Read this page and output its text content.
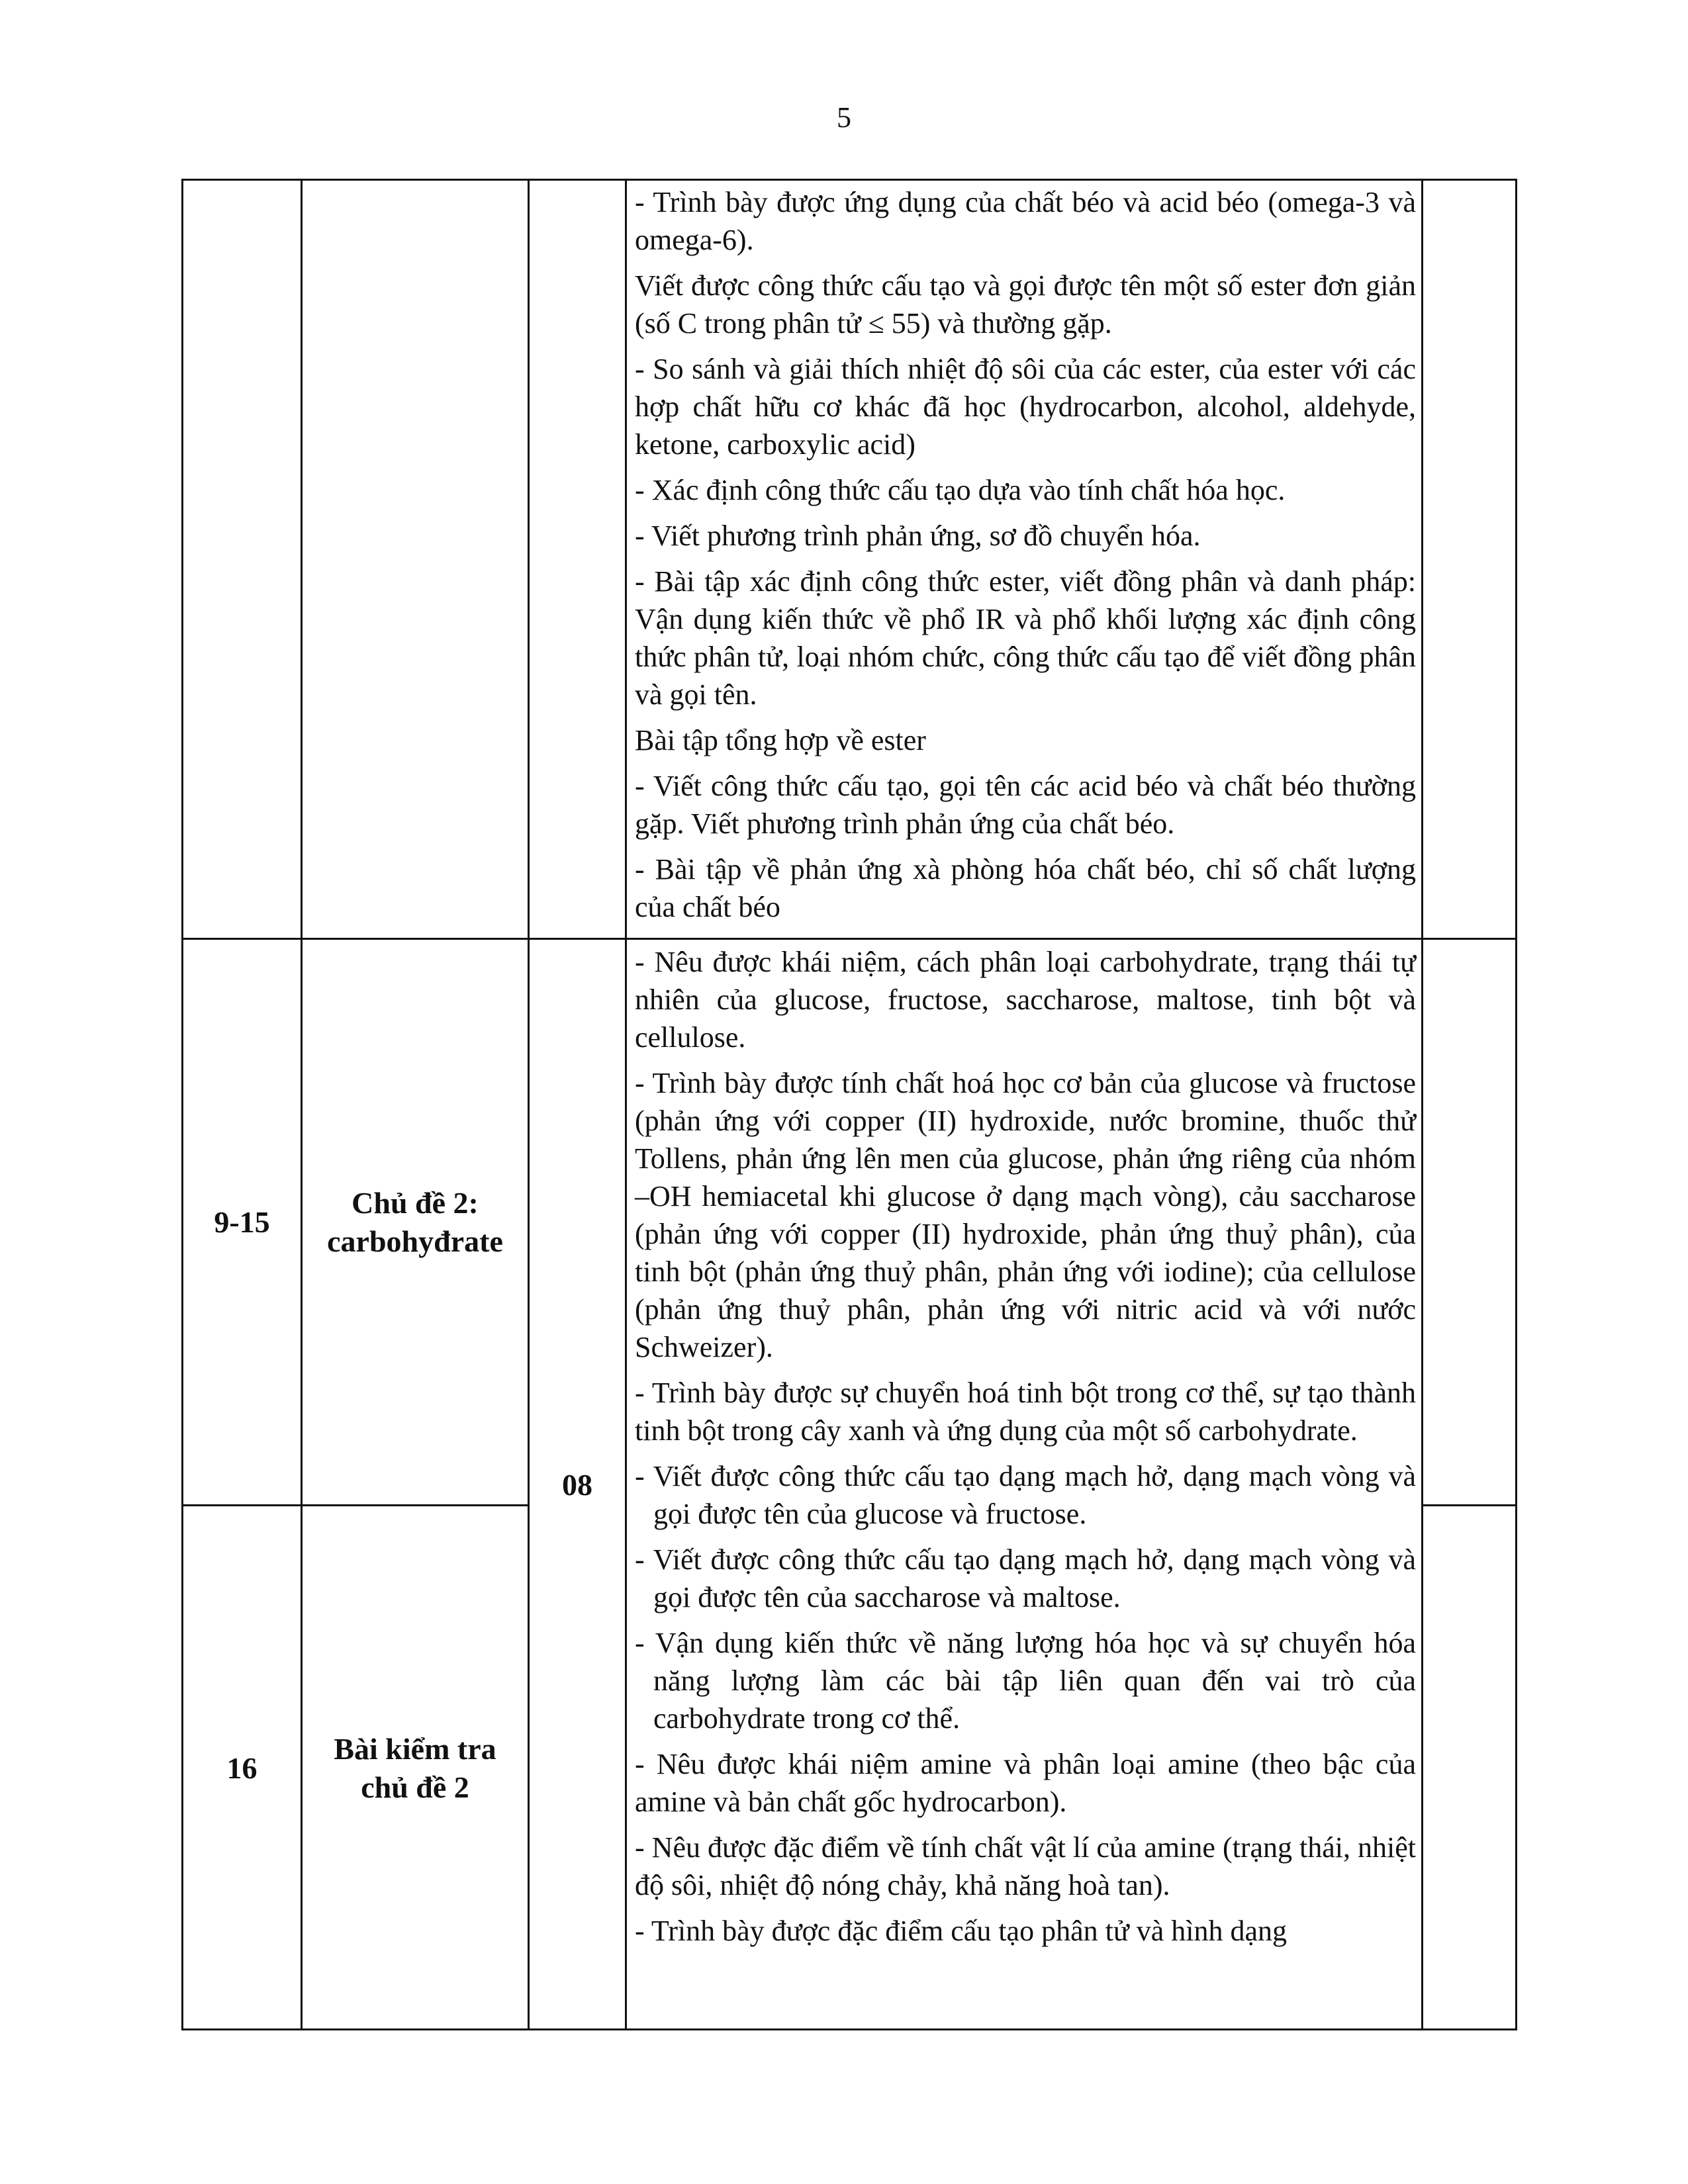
5

- Trình bày được ứng dụng của chất béo và acid béo (omega-3 và omega-6).

Viết được công thức cấu tạo và gọi được tên một số ester đơn giản (số C trong phân tử ≤ 55) và thường gặp.

- So sánh và giải thích nhiệt độ sôi của các ester, của ester với các hợp chất hữu cơ khác đã học (hydrocarbon, alcohol, aldehyde, ketone, carboxylic acid)

- Xác định công thức cấu tạo dựa vào tính chất hóa học.

- Viết phương trình phản ứng, sơ đồ chuyển hóa.

- Bài tập xác định công thức ester, viết đồng phân và danh pháp: Vận dụng kiến thức về phổ IR và phổ khối lượng xác định công thức phân tử, loại nhóm chức, công thức cấu tạo để viết đồng phân và gọi tên.

Bài tập tổng hợp về ester

- Viết công thức cấu tạo, gọi tên các acid béo và chất béo thường gặp. Viết phương trình phản ứng của chất béo.

- Bài tập về phản ứng xà phòng hóa chất béo, chỉ số chất lượng của chất béo

9-15
Chủ đề 2:
carbohyđrate
08
16
Bài kiểm tra
chủ đề 2

- Nêu được khái niệm, cách phân loại carbohydrate, trạng thái tự nhiên của glucose, fructose, saccharose, maltose, tinh bột và cellulose.

- Trình bày được tính chất hoá học cơ bản của glucose và fructose (phản ứng với copper (II) hydroxide, nước bromine, thuốc thử Tollens, phản ứng lên men của glucose, phản ứng riêng của nhóm –OH hemiacetal khi glucose ở dạng mạch vòng), cảu saccharose (phản ứng với copper (II) hydroxide, phản ứng thuỷ phân), của tinh bột (phản ứng thuỷ phân, phản ứng với iodine); của cellulose (phản ứng thuỷ phân, phản ứng với nitric acid và với nước Schweizer).

- Trình bày được sự chuyển hoá tinh bột trong cơ thể, sự tạo thành tinh bột trong cây xanh và ứng dụng của một số carbohydrate.

- Viết được công thức cấu tạo dạng mạch hở, dạng mạch vòng và gọi được tên của glucose và fructose.

- Viết được công thức cấu tạo dạng mạch hở, dạng mạch vòng và gọi được tên của saccharose và maltose.

- Vận dụng kiến thức về năng lượng hóa học và sự chuyển hóa năng lượng làm các bài tập liên quan đến vai trò của carbohydrate trong cơ thể.

- Nêu được khái niệm amine và phân loại amine (theo bậc của amine và bản chất gốc hydrocarbon).

- Nêu được đặc điểm về tính chất vật lí của amine (trạng thái, nhiệt độ sôi, nhiệt độ nóng chảy, khả năng hoà tan).

- Trình bày được đặc điểm cấu tạo phân tử và hình dạng
